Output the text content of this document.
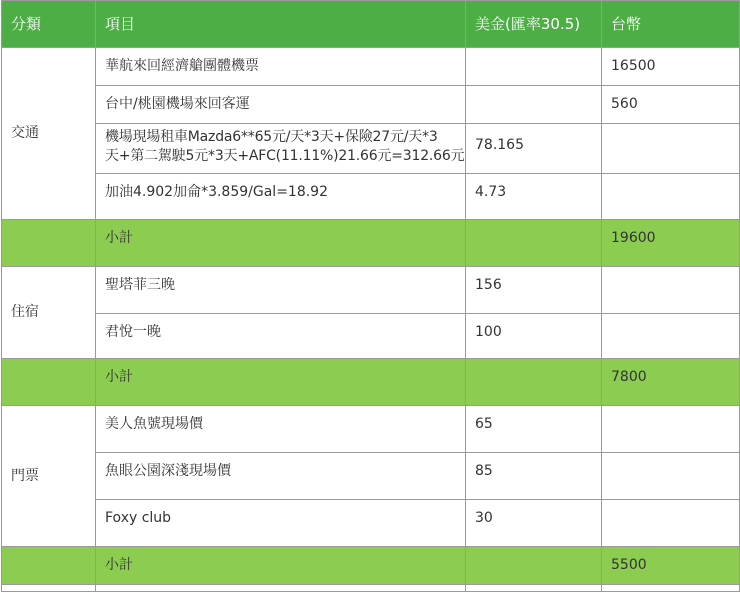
分類	項目	美金(匯率30.5)	台幣
交通	華航來回經濟艙團體機票		16500
	台中/桃園機場來回客運		560

	機場現場租車Mazda6**65元/天*3天+保險27元/天*3
天+第二駕駛5元*3天+AFC(11.11%)21.66元=312.66元	78.165	
	加油4.902加侖*3.859/Gal=18.92	4.73	
	小計		19600
住宿	聖塔菲三晚	156	
	君悅一晚	100	
	小計		7800
門票	美人魚號現場價	65	
	魚眼公園深淺現場價	85	
	Foxy club	30	
	小計		5500
